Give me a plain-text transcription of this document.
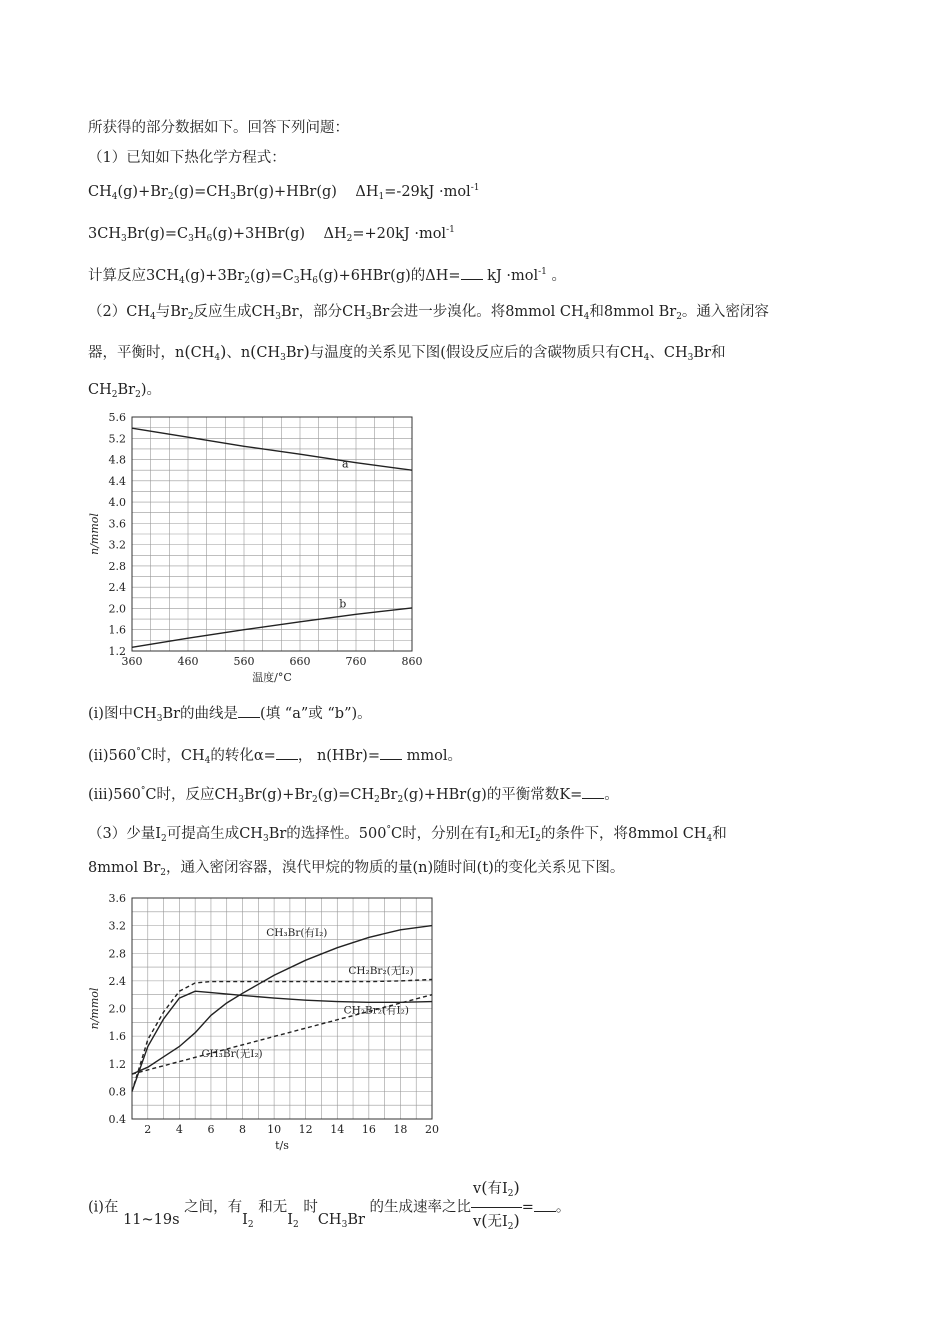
所获得的部分数据如下。回答下列问题：
（1）已知如下热化学方程式：
$CH_4(g)+Br_2(g)=CH_3Br(g)+HBr(g)$ $\Delta H_1=-29kJ \cdot mol^{-1}$
$3CH_3Br(g)=C_3H_6(g)+3HBr(g)$ $\Delta H_2=+20kJ \cdot mol^{-1}$
计算反应$3CH_4(g)+3Br_2(g)=C_3H_6(g)+6HBr(g)$的ΔH= kJ ·mol$^{-1}$ 。
$(2)CH_4$与$Br_2$反应生成$CH_3Br$，部分$CH_3Br$会进一步溴化。将8mmol $CH_4$和8mmol $Br_2$。通入密闭容
器，平衡时，$n(CH_4)$、$n(CH_3Br)$与温度的关系见下图(假设反应后的含碳物质只有$CH_4$、$CH_3Br$和
$CH_2Br_2$)。
1.2
1.6
2.0
2.4
2.8
3.2
3.6
4.0
4.4
4.8
5.2
5.6
360	460	560	660	760	860
温度/°C
n/mmol
a
b
(i)图中$CH_3Br$的曲线是 (填 “a”或 “b”)。
(ii)560°C时，$CH_4$的转化α= ， n(HBr)= mmol。
(iii)560°C时，反应$CH_3Br(g)+Br_2(g)=CH_2Br_2(g)+HBr(g)$的平衡常数K= 。
（3）少量$I_2$可提高生成$CH_3Br$的选择性。500°C时，分别在有$I_2$和无$I_2$的条件下，将8mmol $CH_4$和
8mmol $Br_2$，通入密闭容器，溴代甲烷的物质的量(n)随时间(t)的变化关系见下图。
0.4
0.8
1.2
1.6
2.0
2.4
2.8
3.2
3.6
2 4 6 8 10 12 14 16 18 20
t/s
n/mmol
CH₃Br(有I₂)
CH₂Br₂(无I₂)
CH₂Br₂(有I₂)
CH₃Br(无I₂)
(i)在 11~19s 之间，有$I_2$ 和无$I_2$ 时$CH_3Br$ 的生成速率之比 $\frac{v(有I_2)}{v(无I_2)}$ = 。
